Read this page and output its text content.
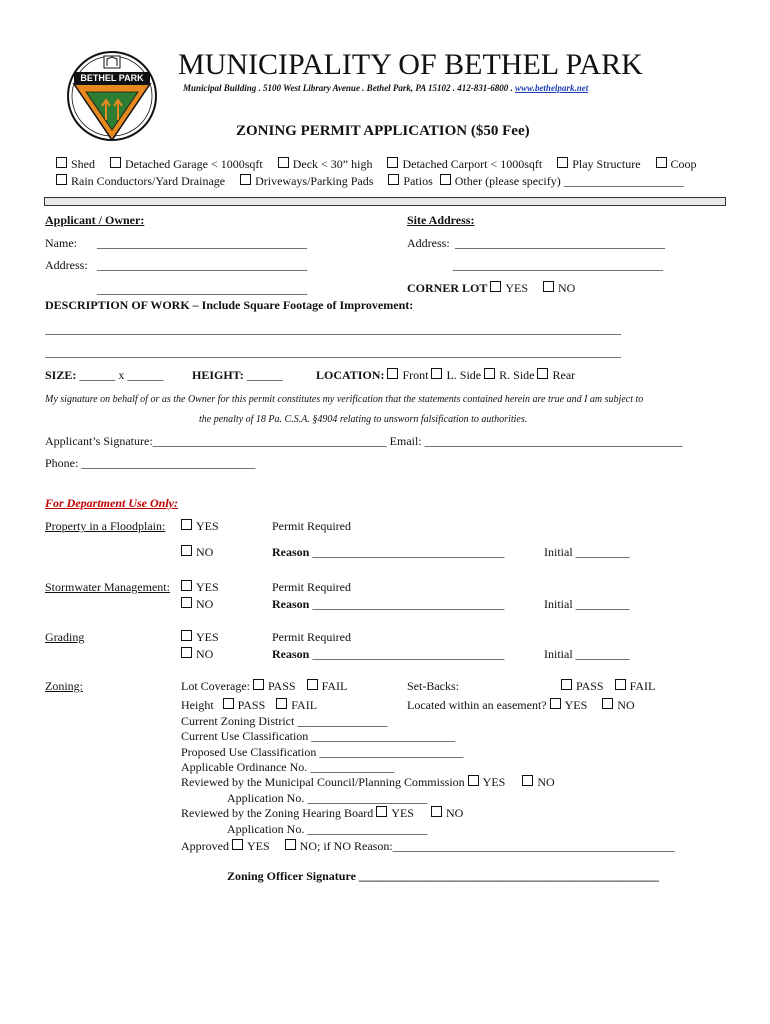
BETHEL PARK MUNICIPALITY OF BETHEL PARK
Municipal Building . 5100 West Library Avenue . Bethel Park, PA 15102 . 412-831-6800 . www.bethelpark.net
ZONING PERMIT APPLICATION ($50 Fee)
Shed	Detached Garage < 1000sqft	Deck < 30” high	Detached Carport < 1000sqft	Play Structure	Coop
Rain Conductors/Yard Drainage	Driveways/Parking Pads	Patios Other (please specify) ____________________
Applicant / Owner:
Name: ___________________________________
Address: ___________________________________
___________________________________
Site Address:
Address: ___________________________________
___________________________________
CORNER LOT YES	NO
DESCRIPTION OF WORK – Include Square Footage of Improvement:
________________________________________________________________________________________________
________________________________________________________________________________________________
SIZE: ______ x ______ HEIGHT: ______	LOCATION: Front L. Side R. Side Rear
My signature on behalf of or as the Owner for this permit constitutes my verification that the statements contained herein are true and I am subject to
the penalty of 18 Pa. C.S.A. §4904 relating to unsworn falsification to authorities.
Applicant’s Signature:_______________________________________ Email: ___________________________________________
Phone: _____________________________
For Department Use Only:
Property in a Floodplain:	YES	Permit Required
NO	Reason ________________________________	Initial _________
Stormwater Management:	YES	Permit Required
NO	Reason ________________________________	Initial _________
Grading	YES	Permit Required
NO	Reason ________________________________	Initial _________
Zoning:	Lot Coverage: PASS FAIL	Set-Backs:	PASS FAIL
Height PASS FAIL	Located within an easement? YES	NO
Current Zoning District _______________
Current Use Classification ________________________
Proposed Use Classification ________________________
Applicable Ordinance No. ______________
Reviewed by the Municipal Council/Planning Commission YES	NO
Application No. ____________________
Reviewed by the Zoning Hearing Board YES	NO
Application No. ____________________
Approved YES	NO; if NO Reason:_______________________________________________
Zoning Officer Signature __________________________________________________
